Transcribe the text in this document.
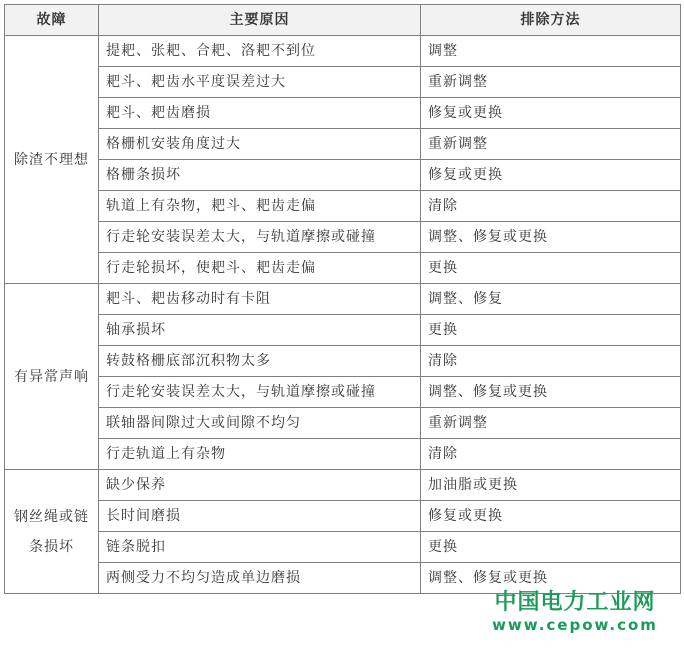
故障	主要原因	排除方法
除渣不理想	提耙、张耙、合耙、洛耙不到位	调整
	耙斗、耙齿水平度误差过大	重新调整
	耙斗、耙齿磨损	修复或更换
	格栅机安装角度过大	重新调整
	格栅条损坏	修复或更换
	轨道上有杂物，耙斗、耙齿走偏	清除
	行走轮安装误差太大，与轨道摩擦或碰撞	调整、修复或更换
	行走轮损坏，使耙斗、耙齿走偏	更换
有异常声响	耙斗、耙齿移动时有卡阻	调整、修复
	轴承损坏	更换
	转鼓格栅底部沉积物太多	清除
	行走轮安装误差太大，与轨道摩擦或碰撞	调整、修复或更换
	联轴器间隙过大或间隙不均匀	重新调整
	行走轨道上有杂物	清除
钢丝绳或链条损坏	缺少保养	加油脂或更换
	长时间磨损	修复或更换
	链条脱扣	更换
	两侧受力不均匀造成单边磨损	调整、修复或更换
中国电力工业网
www.cepow.com
